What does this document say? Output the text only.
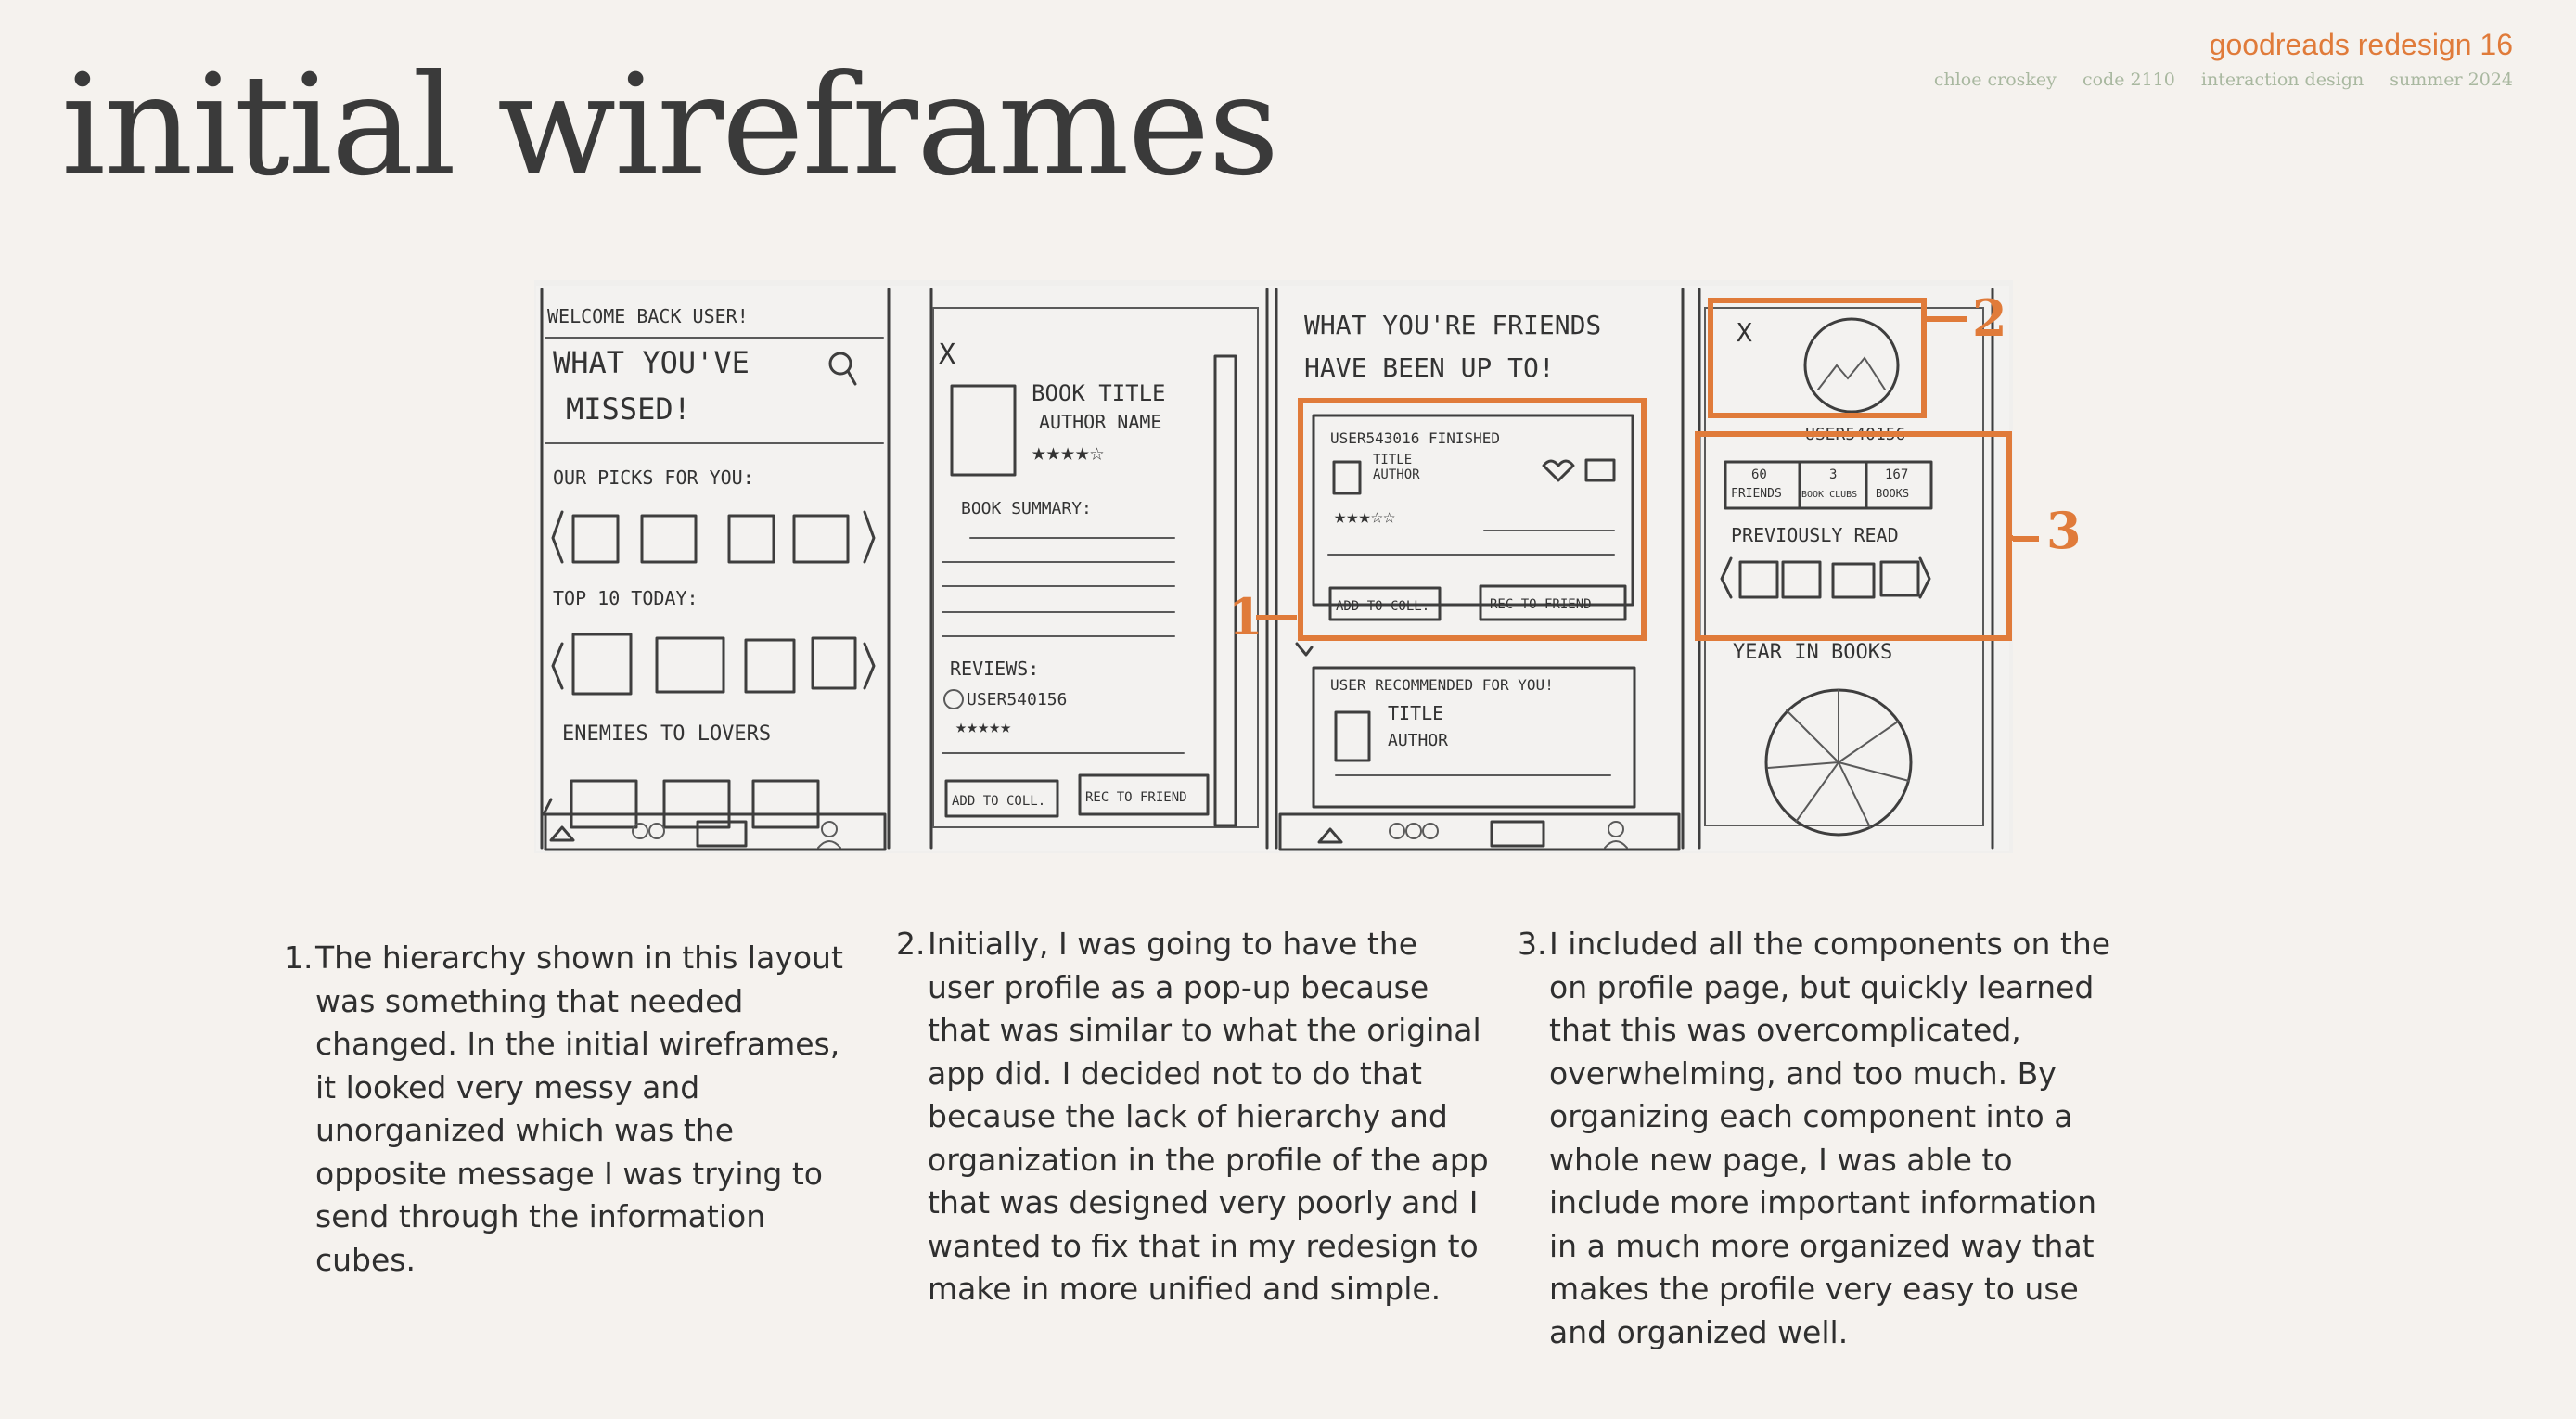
goodreads redesign 16
chloe croskey code 2110 interaction design summer 2024
initial wireframes
WELCOME BACK USER!
WHAT YOU'VE
MISSED!
OUR PICKS FOR YOU:
TOP 10 TODAY:
ENEMIES TO LOVERS
X
BOOK TITLE
AUTHOR NAME
★★★★☆
BOOK SUMMARY:
REVIEWS:
USER540156
★★★★★
ADD TO COLL.	REC TO FRIEND
WHAT YOU'RE FRIENDS
HAVE BEEN UP TO!
USER543016 FINISHED
TITLE
AUTHOR
★★★☆☆
ADD TO COLL.	REC TO FRIEND
USER RECOMMENDED FOR YOU!
TITLE
AUTHOR
X
USER540156
60
FRIENDS
3
BOOK CLUBS
167
BOOKS
PREVIOUSLY READ
YEAR IN BOOKS
1
2
3
1. The hierarchy shown in this layout was something that needed changed. In the initial wireframes, it looked very messy and unorganized which was the opposite message I was trying to send through the information cubes.
2. Initially, I was going to have the user profile as a pop-up because that was similar to what the original app did. I decided not to do that because the lack of hierarchy and organization in the profile of the app that was designed very poorly and I wanted to fix that in my redesign to make in more unified and simple.
3. I included all the components on the on profile page, but quickly learned that this was overcomplicated, overwhelming, and too much. By organizing each component into a whole new page, I was able to include more important information in a much more organized way that makes the profile very easy to use and organized well.
